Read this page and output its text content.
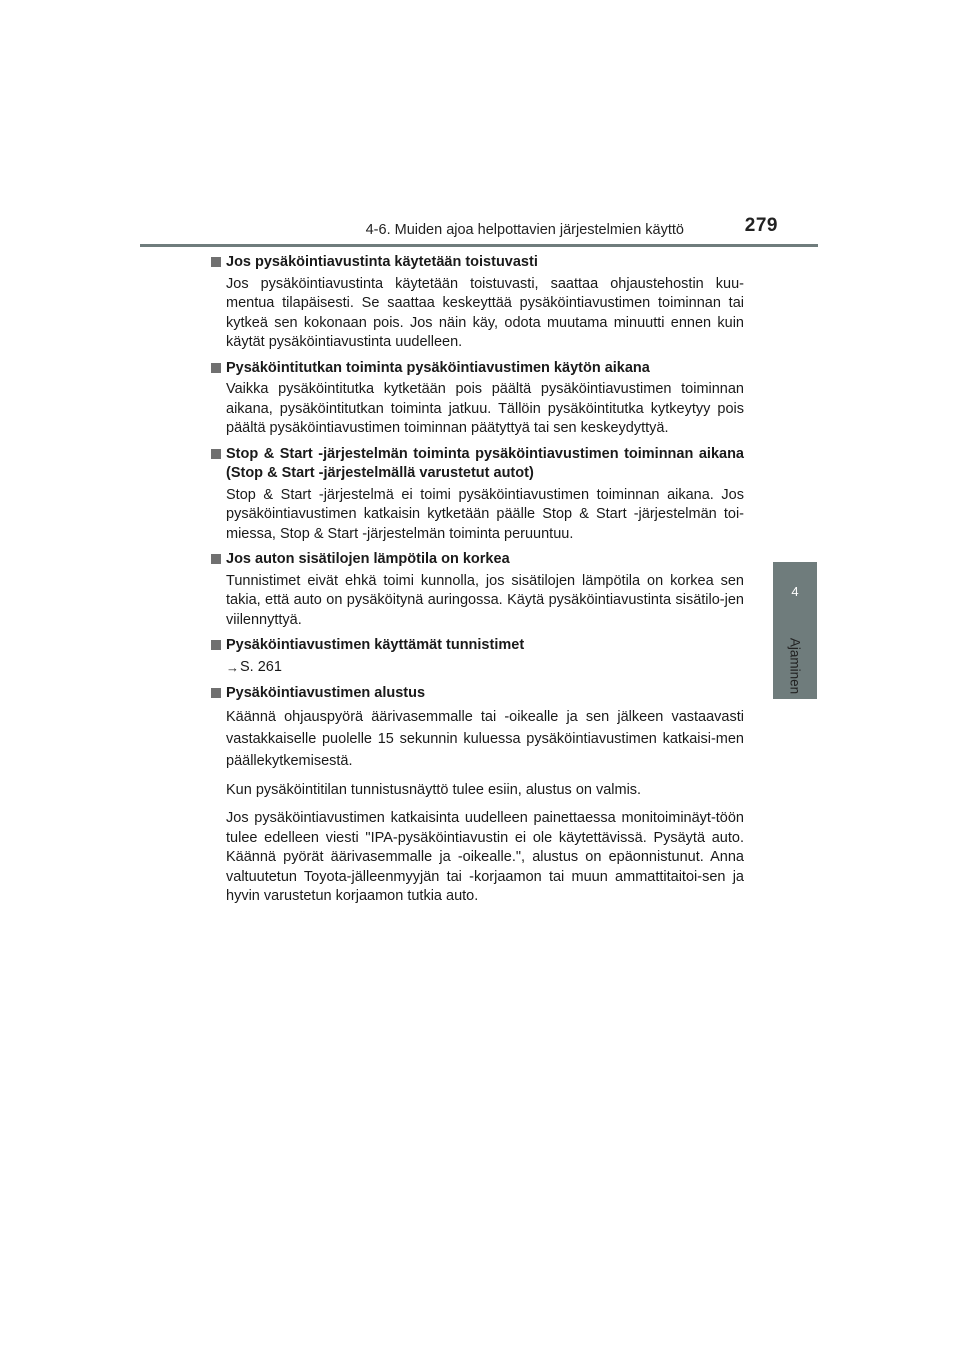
4-6. Muiden ajoa helpottavien järjestelmien käyttö	279
4
Ajaminen
Jos pysäköintiavustinta käytetään toistuvasti

Jos pysäköintiavustinta käytetään toistuvasti, saattaa ohjaustehostin kuu-mentua tilapäisesti. Se saattaa keskeyttää pysäköintiavustimen toiminnan tai kytkeä sen kokonaan pois. Jos näin käy, odota muutama minuutti ennen kuin käytät pysäköintiavustinta uudelleen.

Pysäköintitutkan toiminta pysäköintiavustimen käytön aikana

Vaikka pysäköintitutka kytketään pois päältä pysäköintiavustimen toiminnan aikana, pysäköintitutkan toiminta jatkuu. Tällöin pysäköintitutka kytkeytyy pois päältä pysäköintiavustimen toiminnan päätyttyä tai sen keskeydyttyä.

Stop & Start -järjestelmän toiminta pysäköintiavustimen toiminnan aikana (Stop & Start -järjestelmällä varustetut autot)

Stop & Start -järjestelmä ei toimi pysäköintiavustimen toiminnan aikana. Jos pysäköintiavustimen katkaisin kytketään päälle Stop & Start -järjestelmän toi-miessa, Stop & Start -järjestelmän toiminta peruuntuu.

Jos auton sisätilojen lämpötila on korkea

Tunnistimet eivät ehkä toimi kunnolla, jos sisätilojen lämpötila on korkea sen takia, että auto on pysäköitynä auringossa. Käytä pysäköintiavustinta sisätilo-jen viilennyttyä.

Pysäköintiavustimen käyttämät tunnistimet

→ S. 261

Pysäköintiavustimen alustus

Käännä ohjauspyörä äärivasemmalle tai -oikealle ja sen jälkeen vastaavasti vastakkaiselle puolelle 15 sekunnin kuluessa pysäköintiavustimen katkaisi-men päällekytkemisestä.

Kun pysäköintitilan tunnistusnäyttö tulee esiin, alustus on valmis.

Jos pysäköintiavustimen katkaisinta uudelleen painettaessa monitoiminäyt-töön tulee edelleen viesti "IPA-pysäköintiavustin ei ole käytettävissä. Pysäytä auto. Käännä pyörät äärivasemmalle ja -oikealle.", alustus on epäonnistunut. Anna valtuutetun Toyota-jälleenmyyjän tai -korjaamon tai muun ammattitaitoi-sen ja hyvin varustetun korjaamon tutkia auto.
